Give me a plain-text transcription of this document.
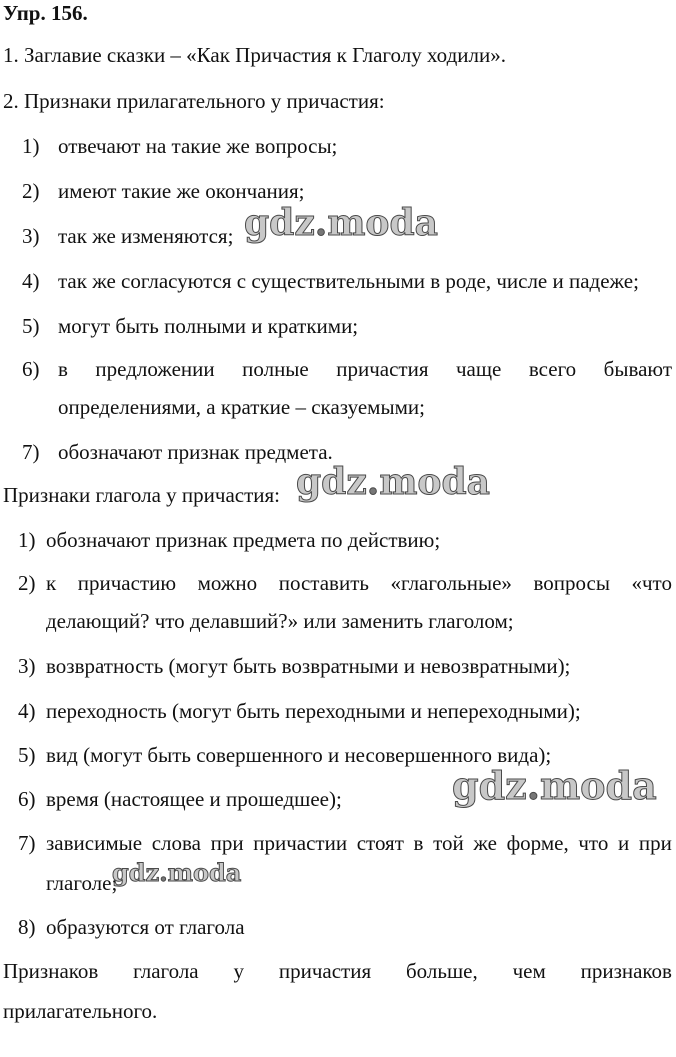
Упр. 156.
1. Заглавие сказки – «Как Причастия к Глаголу ходили».
2. Признаки прилагательного у причастия:
1) отвечают на такие же вопросы;
2) имеют такие же окончания;
3) так же изменяются;
4) так же согласуются с существительными в роде, числе и падеже;
5) могут быть полными и краткими;
6) в предложении полные причастия чаще всего бывают
определениями, а краткие – сказуемыми;
7) обозначают признак предмета.
Признаки глагола у причастия:
1) обозначают признак предмета по действию;
2) к причастию можно поставить «глагольные» вопросы «что
делающий? что делавший?» или заменить глаголом;
3) возвратность (могут быть возвратными и невозвратными);
4) переходность (могут быть переходными и непереходными);
5) вид (могут быть совершенного и несовершенного вида);
6) время (настоящее и прошедшее);
7) зависимые слова при причастии стоят в той же форме, что и при
глаголе;
8) образуются от глагола
Признаков глагола у причастия больше, чем признаков
прилагательного.
gdz.moda
gdz.moda
gdz.moda
gdz.moda
